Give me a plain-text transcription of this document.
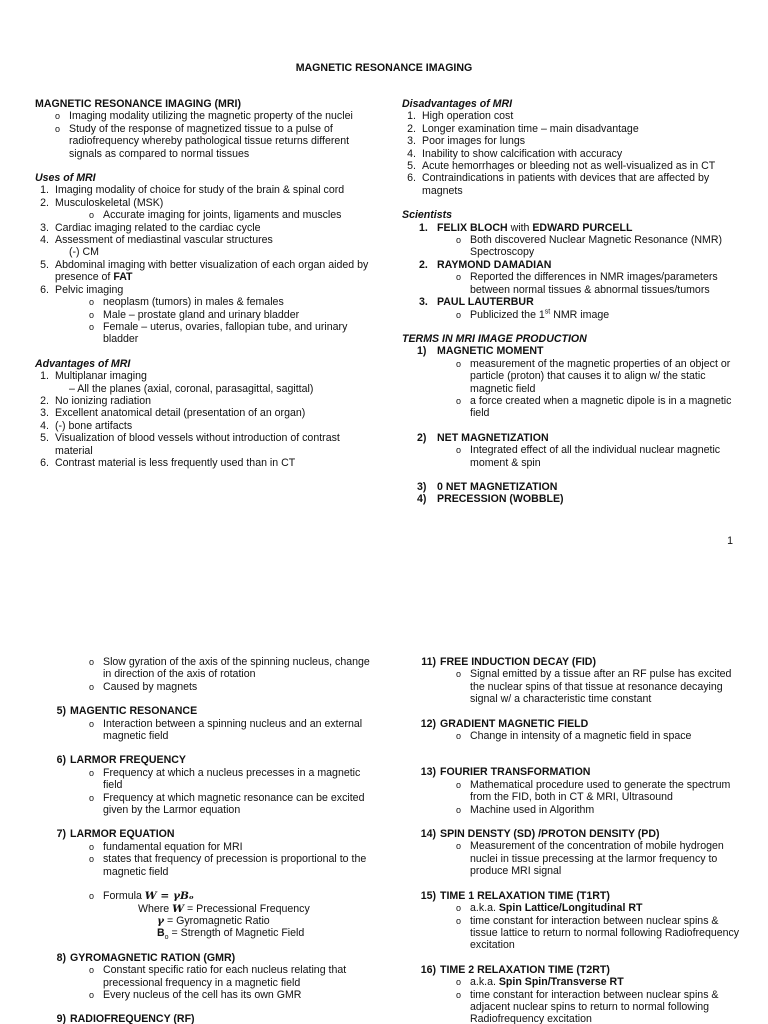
MAGNETIC RESONANCE IMAGING
MAGNETIC RESONANCE IMAGING (MRI)
o Imaging modality utilizing the magnetic property of the nuclei
o Study of the response of magnetized tissue to a pulse of radiofrequency whereby pathological tissue returns different signals as compared to normal tissues
Uses of MRI
1. Imaging modality of choice for study of the brain & spinal cord
2. Musculoskeletal (MSK)
o Accurate imaging for joints, ligaments and muscles
3. Cardiac imaging related to the cardiac cycle
4. Assessment of mediastinal vascular structures
(-) CM
5. Abdominal imaging with better visualization of each organ aided by presence of FAT
6. Pelvic imaging
o neoplasm (tumors) in males & females
o Male – prostate gland and urinary bladder
o Female – uterus, ovaries, fallopian tube, and urinary bladder
Advantages of MRI
1. Multiplanar imaging
– All the planes (axial, coronal, parasagittal, sagittal)
2. No ionizing radiation
3. Excellent anatomical detail (presentation of an organ)
4. (-) bone artifacts
5. Visualization of blood vessels without introduction of contrast material
6. Contrast material is less frequently used than in CT
Disadvantages of MRI
1. High operation cost
2. Longer examination time – main disadvantage
3. Poor images for lungs
4. Inability to show calcification with accuracy
5. Acute hemorrhages or bleeding not as well-visualized as in CT
6. Contraindications in patients with devices that are affected by magnets
Scientists
1. FELIX BLOCH with EDWARD PURCELL
o Both discovered Nuclear Magnetic Resonance (NMR) Spectroscopy
2. RAYMOND DAMADIAN
o Reported the differences in NMR images/parameters between normal tissues & abnormal tissues/tumors
3. PAUL LAUTERBUR
o Publicized the 1st NMR image
TERMS IN MRI IMAGE PRODUCTION
1) MAGNETIC MOMENT
o measurement of the magnetic properties of an object or particle (proton) that causes it to align w/ the static magnetic field
o a force created when a magnetic dipole is in a magnetic field
2) NET MAGNETIZATION
o Integrated effect of all the individual nuclear magnetic moment & spin
3) 0 NET MAGNETIZATION
4) PRECESSION (WOBBLE)
1
o Slow gyration of the axis of the spinning nucleus, change in direction of the axis of rotation
o Caused by magnets
5) MAGENTIC RESONANCE
o Interaction between a spinning nucleus and an external magnetic field
6) LARMOR FREQUENCY
o Frequency at which a nucleus precesses in a magnetic field
o Frequency at which magnetic resonance can be excited given by the Larmor equation
7) LARMOR EQUATION
o fundamental equation for MRI
o states that frequency of precession is proportional to the magnetic field
o Formula W = γBₒ
Where W = Precessional Frequency
γ = Gyromagnetic Ratio
$B_o$ = Strength of Magnetic Field
8) GYROMAGNETIC RATION (GMR)
o Constant specific ratio for each nucleus relating that precessional frequency in a magnetic field
o Every nucleus of the cell has its own GMR
9) RADIOFREQUENCY (RF)
11) FREE INDUCTION DECAY (FID)
o Signal emitted by a tissue after an RF pulse has excited the nuclear spins of that tissue at resonance decaying signal w/ a characteristic time constant
12) GRADIENT MAGNETIC FIELD
o Change in intensity of a magnetic field in space
13) FOURIER TRANSFORMATION
o Mathematical procedure used to generate the spectrum from the FID, both in CT & MRI, Ultrasound
o Machine used in Algorithm
14) SPIN DENSTY (SD) /PROTON DENSITY (PD)
o Measurement of the concentration of mobile hydrogen nuclei in tissue precessing at the larmor frequency to produce MRI signal
15) TIME 1 RELAXATION TIME (T1RT)
o a.k.a. Spin Lattice/Longitudinal RT
o time constant for interaction between nuclear spins & tissue lattice to return to normal following Radiofrequency excitation
16) TIME 2 RELAXATION TIME (T2RT)
o a.k.a. Spin Spin/Transverse RT
o time constant for interaction between nuclear spins & adjacent nuclear spins to return to normal following Radiofrequency excitation
